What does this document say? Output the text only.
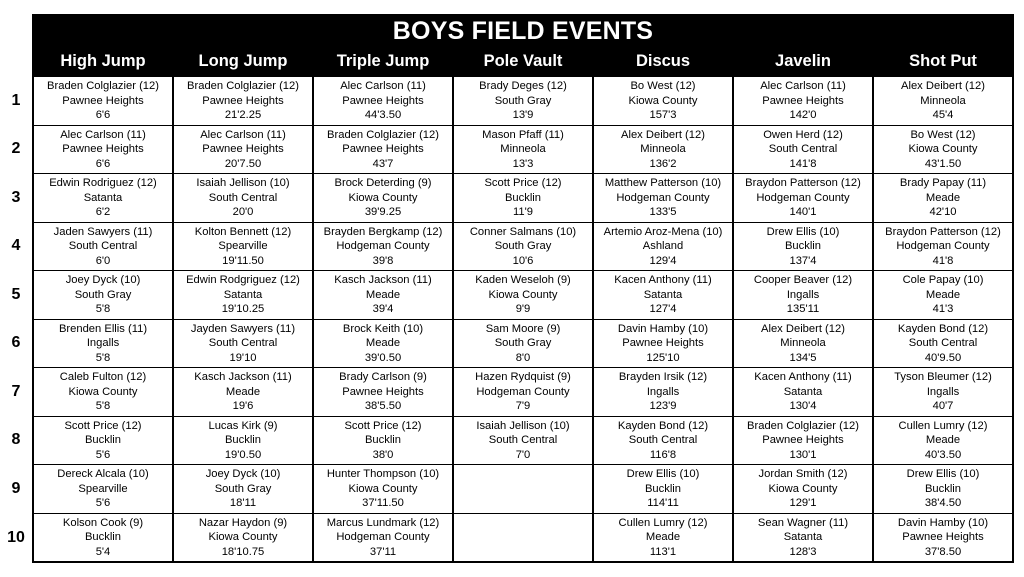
	BOYS FIELD EVENTS						
	High Jump	Long Jump	Triple Jump	Pole Vault	Discus	Javelin	Shot Put
1	Braden Colglazier (12)
Pawnee Heights
6'6	Braden Colglazier (12)
Pawnee Heights
21'2.25	Alec Carlson (11)
Pawnee Heights
44'3.50	Brady Deges (12)
South Gray
13'9	Bo West (12)
Kiowa County
157'3	Alec Carlson (11)
Pawnee Heights
142'0	Alex Deibert (12)
Minneola
45'4

2	Alec Carlson (11)
Pawnee Heights
6'6	Alec Carlson (11)
Pawnee Heights
20'7.50	Braden Colglazier (12)
Pawnee Heights
43'7	Mason Pfaff (11)
Minneola
13'3	Alex Deibert (12)
Minneola
136'2	Owen Herd (12)
South Central
141'8	Bo West (12)
Kiowa County
43'1.50

3	Edwin Rodriguez (12)
Satanta
6'2	Isaiah Jellison (10)
South Central
20'0	Brock Deterding (9)
Kiowa County
39'9.25	Scott Price (12)
Bucklin
11'9	Matthew Patterson (10)
Hodgeman County
133'5	Braydon Patterson (12)
Hodgeman County
140'1	Brady Papay (11)
Meade
42'10

4	Jaden Sawyers (11)
South Central
6'0	Kolton Bennett (12)
Spearville
19'11.50	Brayden Bergkamp (12)
Hodgeman County
39'8	Conner Salmans (10)
South Gray
10'6	Artemio Aroz-Mena (10)
Ashland
129'4	Drew Ellis (10)
Bucklin
137'4	Braydon Patterson (12)
Hodgeman County
41'8

5	Joey Dyck (10)
South Gray
5'8	Edwin Rodgriguez (12)
Satanta
19'10.25	Kasch Jackson (11)
Meade
39'4	Kaden Weseloh (9)
Kiowa County
9'9	Kacen Anthony (11)
Satanta
127'4	Cooper Beaver (12)
Ingalls
135'11	Cole Papay (10)
Meade
41'3

6	Brenden Ellis (11)
Ingalls
5'8	Jayden Sawyers (11)
South Central
19'10	Brock Keith (10)
Meade
39'0.50	Sam Moore (9)
South Gray
8'0	Davin Hamby (10)
Pawnee Heights
125'10	Alex Deibert (12)
Minneola
134'5	Kayden Bond (12)
South Central
40'9.50

7	Caleb Fulton (12)
Kiowa County
5'8	Kasch Jackson (11)
Meade
19'6	Brady Carlson (9)
Pawnee Heights
38'5.50	Hazen Rydquist (9)
Hodgeman County
7'9	Brayden Irsik (12)
Ingalls
123'9	Kacen Anthony (11)
Satanta
130'4	Tyson Bleumer (12)
Ingalls
40'7

8	Scott Price (12)
Bucklin
5'6	Lucas Kirk (9)
Bucklin
19'0.50	Scott Price (12)
Bucklin
38'0	Isaiah Jellison (10)
South Central
7'0	Kayden Bond (12)
South Central
116'8	Braden Colglazier (12)
Pawnee Heights
130'1	Cullen Lumry (12)
Meade
40'3.50

9	Dereck Alcala (10)
Spearville
5'6	Joey Dyck (10)
South Gray
18'11	Hunter Thompson (10)
Kiowa County
37'11.50		Drew Ellis (10)
Bucklin
114'11	Jordan Smith (12)
Kiowa County
129'1	Drew Ellis (10)
Bucklin
38'4.50

10	Kolson Cook (9)
Bucklin
5'4	Nazar Haydon (9)
Kiowa County
18'10.75	Marcus Lundmark (12)
Hodgeman County
37'11		Cullen Lumry (12)
Meade
113'1	Sean Wagner (11)
Satanta
128'3	Davin Hamby (10)
Pawnee Heights
37'8.50
